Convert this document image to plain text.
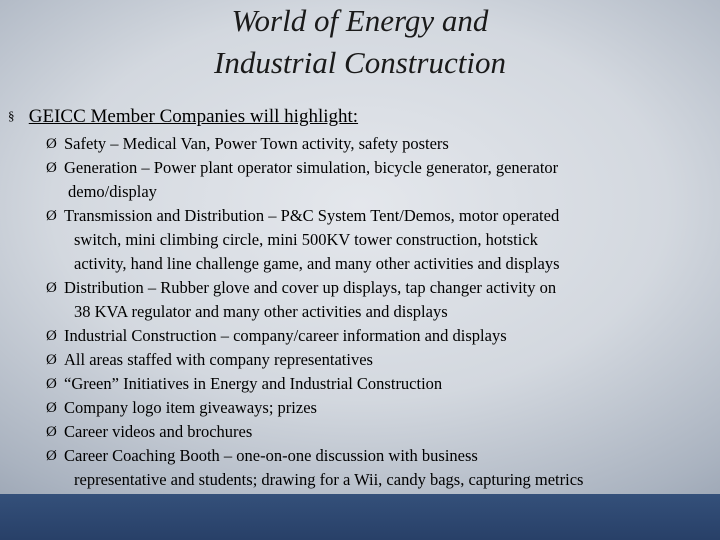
World of Energy and
Industrial Construction

§ GEICC Member Companies will highlight:

Ø Safety – Medical Van, Power Town activity, safety posters
Ø Generation – Power plant operator simulation, bicycle generator, generator
demo/display
Ø Transmission and Distribution – P&C System Tent/Demos, motor operated
switch, mini climbing circle, mini 500KV tower construction, hotstick
activity, hand line challenge game, and many other activities and displays
Ø Distribution – Rubber glove and cover up displays, tap changer activity on
38 KVA regulator and many other activities and displays
Ø Industrial Construction – company/career information and displays
Ø All areas staffed with company representatives
Ø “Green” Initiatives in Energy and Industrial Construction
Ø Company logo item giveaways; prizes
Ø Career videos and brochures
Ø Career Coaching Booth – one-on-one discussion with business
representative and students; drawing for a Wii, candy bags, capturing metrics
